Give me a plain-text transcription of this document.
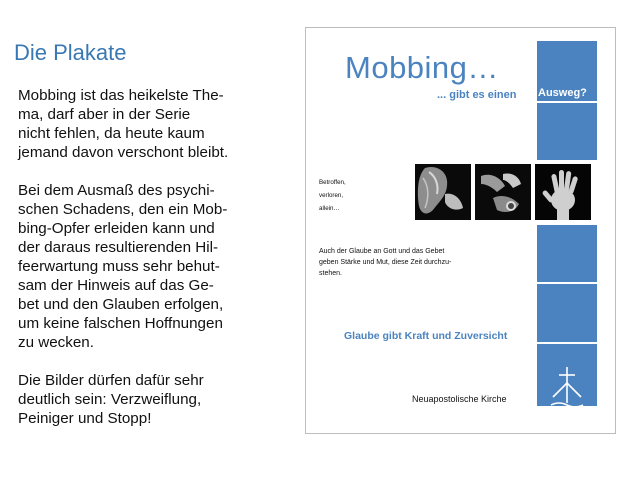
Die Plakate

Mobbing ist das heikelste The-
ma, darf aber in der Serie
nicht fehlen, da heute kaum
jemand davon verschont bleibt.

Bei dem Ausmaß des psychi-
schen Schadens, den ein Mob-
bing-Opfer erleiden kann und
der daraus resultierenden Hil-
feerwartung muss sehr behut-
sam der Hinweis auf das Ge-
bet und den Glauben erfolgen,
um keine falschen Hoffnungen
zu wecken.

Die Bilder dürfen dafür sehr
deutlich sein: Verzweiflung,
Peiniger und Stopp!

Mobbing…
... gibt es einen Ausweg?
Betroffen,
verloren,
allein…
Auch der Glaube an Gott und das Gebet
geben Stärke und Mut, diese Zeit durchzu-
stehen.
Glaube gibt Kraft und Zuversicht
Neuapostolische Kirche
